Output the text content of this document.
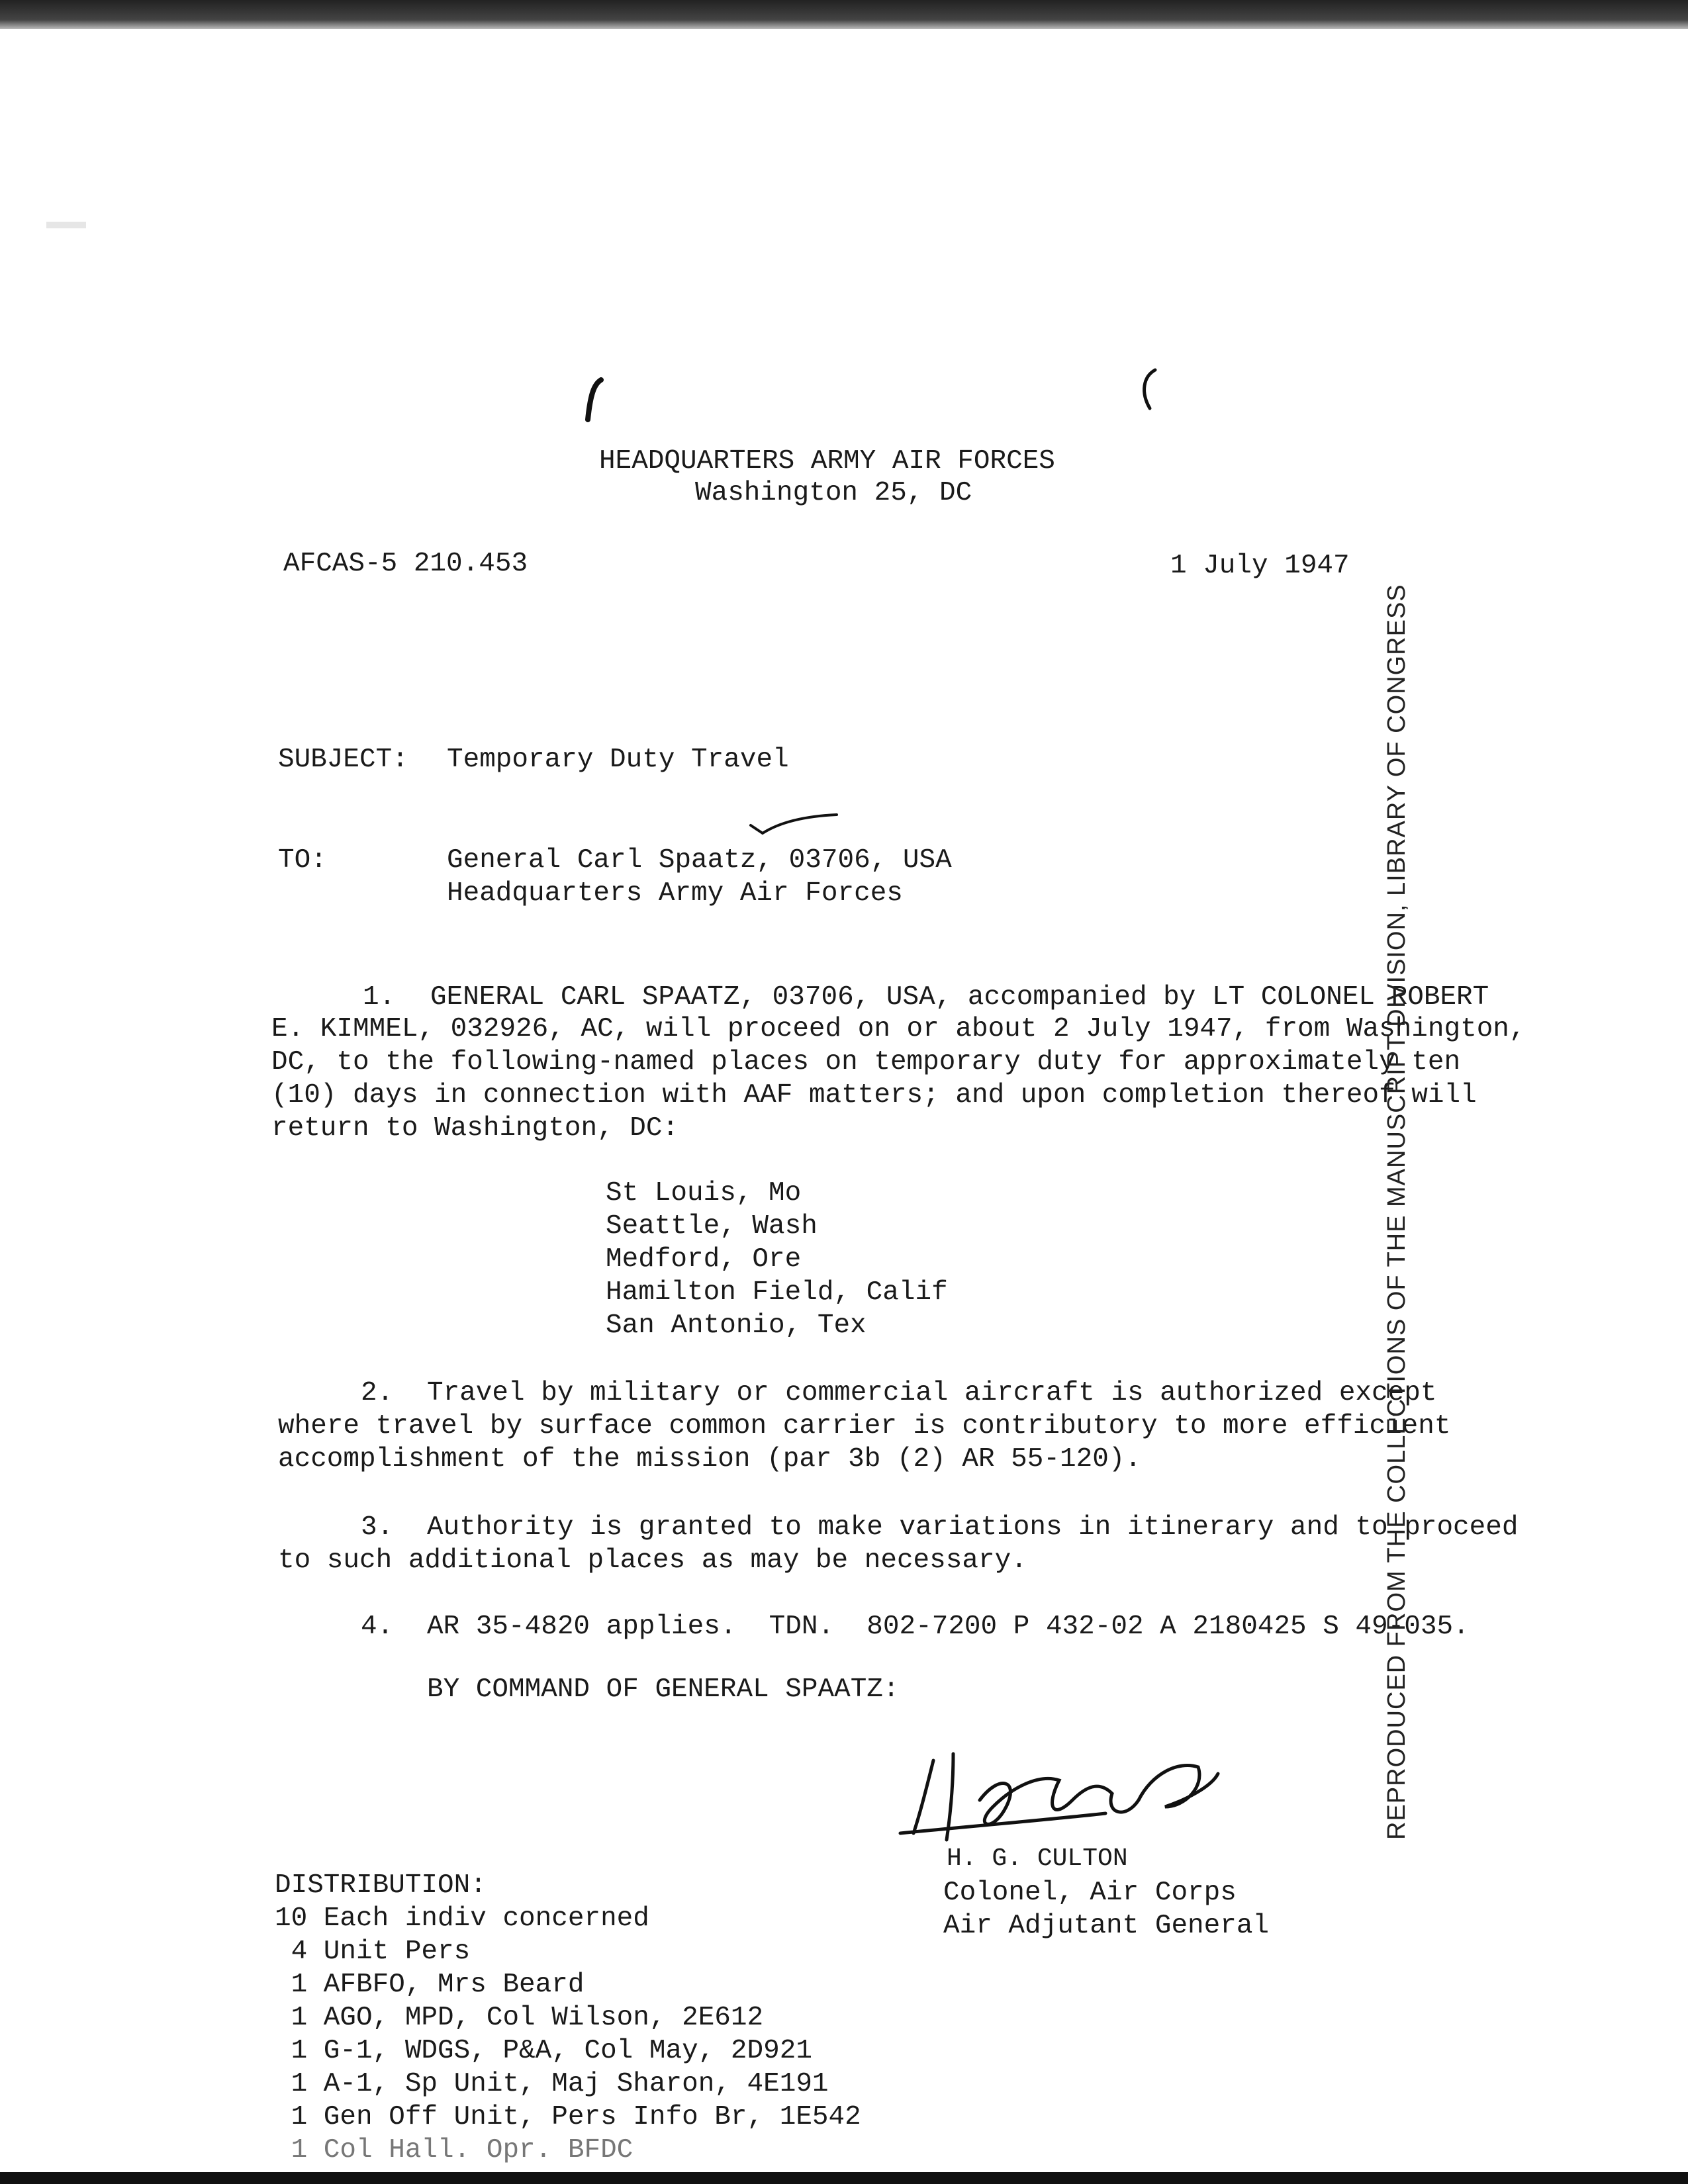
HEADQUARTERS ARMY AIR FORCES
Washington 25, DC
AFCAS-5 210.453	1 July 1947
SUBJECT: Temporary Duty Travel
TO:	General Carl Spaatz, 03706, USA
Headquarters Army Air Forces
1. GENERAL CARL SPAATZ, 03706, USA, accompanied by LT COLONEL ROBERT
E. KIMMEL, 032926, AC, will proceed on or about 2 July 1947, from Washington,
DC, to the following-named places on temporary duty for approximately ten
(10) days in connection with AAF matters; and upon completion thereof will
return to Washington, DC:
St Louis, Mo
Seattle, Wash
Medford, Ore
Hamilton Field, Calif
San Antonio, Tex
2. Travel by military or commercial aircraft is authorized except
where travel by surface common carrier is contributory to more efficient
accomplishment of the mission (par 3b (2) AR 55-120).
3. Authority is granted to make variations in itinerary and to proceed
to such additional places as may be necessary.
4. AR 35-4820 applies.  TDN.  802-7200 P 432-02 A 2180425 S 49-035.
BY COMMAND OF GENERAL SPAATZ:
H. G. CULTON
Colonel, Air Corps
Air Adjutant General
DISTRIBUTION:
10 Each indiv concerned
4 Unit Pers
1 AFBFO, Mrs Beard
1 AGO, MPD, Col Wilson, 2E612
1 G-1, WDGS, P&A, Col May, 2D921
1 A-1, Sp Unit, Maj Sharon, 4E191
1 Gen Off Unit, Pers Info Br, 1E542
1 Col Hall. Opr. BFDC
REPRODUCED FROM THE COLLECTIONS OF THE MANUSCRIPT DIVISION, LIBRARY OF CONGRESS
